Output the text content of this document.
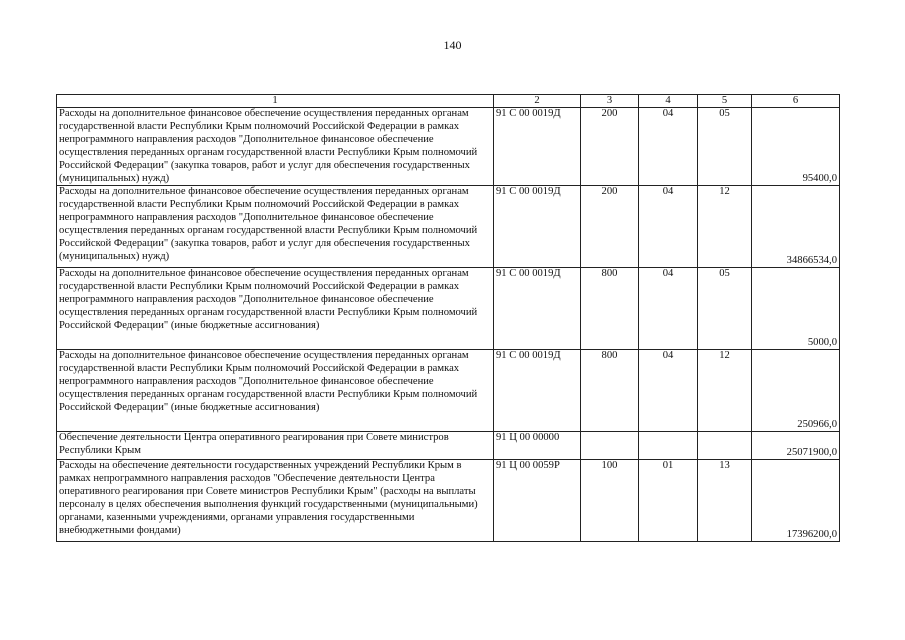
140
1	2	3	4	5	6
Расходы на дополнительное финансовое обеспечение осуществления переданных органам государственной власти Республики Крым полномочий Российской Федерации в рамках непрограммного направления расходов "Дополнительное финансовое обеспечение осуществления переданных органам государственной власти Республики Крым полномочий Российской Федерации" (закупка товаров, работ и услуг для обеспечения государственных (муниципальных) нужд)	91 С 00 0019Д	200	04	05	95400,0
Расходы на дополнительное финансовое обеспечение осуществления переданных органам государственной власти Республики Крым полномочий Российской Федерации в рамках непрограммного направления расходов "Дополнительное финансовое обеспечение осуществления переданных органам государственной власти Республики Крым полномочий Российской Федерации" (закупка товаров, работ и услуг для обеспечения государственных (муниципальных) нужд)	91 С 00 0019Д	200	04	12	34866534,0
Расходы на дополнительное финансовое обеспечение осуществления переданных органам государственной власти Республики Крым полномочий Российской Федерации в рамках непрограммного направления расходов "Дополнительное финансовое обеспечение осуществления переданных органам государственной власти Республики Крым полномочий Российской Федерации" (иные бюджетные ассигнования)	91 С 00 0019Д	800	04	05	5000,0
Расходы на дополнительное финансовое обеспечение осуществления переданных органам государственной власти Республики Крым полномочий Российской Федерации в рамках непрограммного направления расходов "Дополнительное финансовое обеспечение осуществления переданных органам государственной власти Республики Крым полномочий Российской Федерации" (иные бюджетные ассигнования)	91 С 00 0019Д	800	04	12	250966,0
Обеспечение деятельности Центра оперативного реагирования при Совете министров Республики Крым	91 Ц 00 00000				25071900,0
Расходы на обеспечение деятельности государственных учреждений Республики Крым в рамках непрограммного направления расходов "Обеспечение деятельности Центра оперативного реагирования при Совете министров Республики Крым" (расходы на выплаты персоналу в целях обеспечения выполнения функций государственными (муниципальными) органами, казенными учреждениями, органами управления государственными внебюджетными фондами)	91 Ц 00 0059Р	100	01	13	17396200,0
